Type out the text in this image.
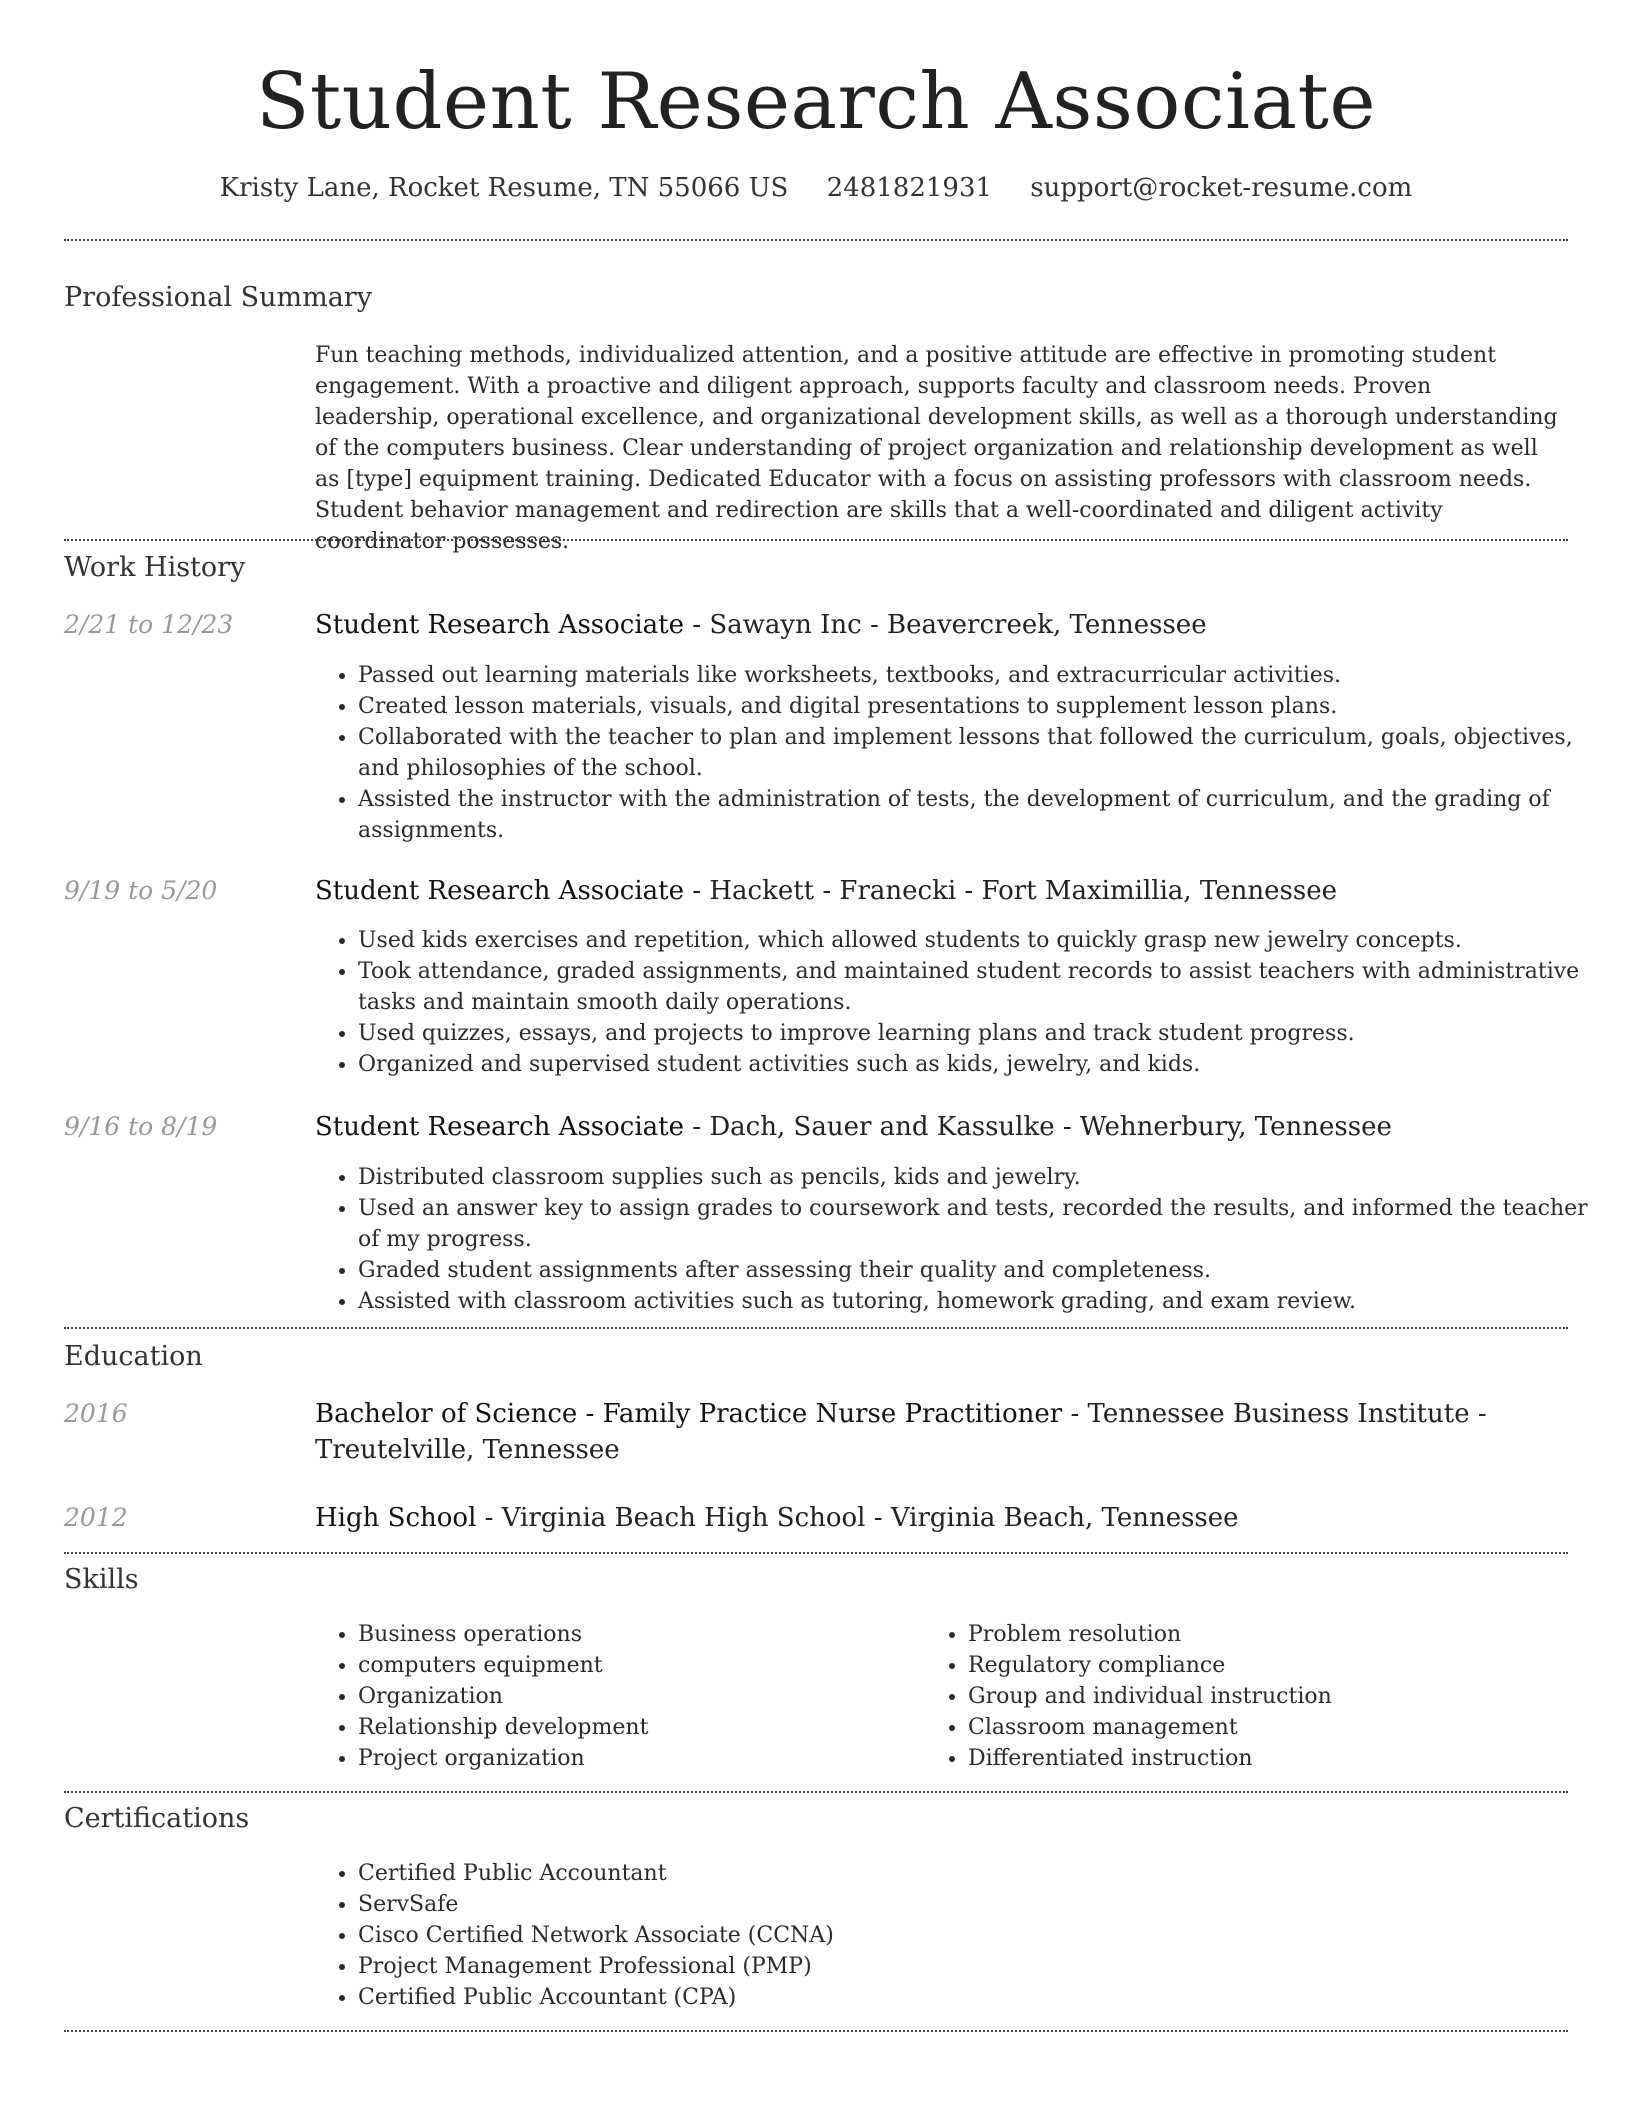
Student Research Associate
Kristy Lane, Rocket Resume, TN 55066 US 2481821931 support@rocket-resume.com
Professional Summary

Fun teaching methods, individualized attention, and a positive attitude are effective in promoting student engagement. With a proactive and diligent approach, supports faculty and classroom needs. Proven leadership, operational excellence, and organizational development skills, as well as a thorough understanding of the computers business. Clear understanding of project organization and relationship development as well as [type] equipment training. Dedicated Educator with a focus on assisting professors with classroom needs. Student behavior management and redirection are skills that a well-coordinated and diligent activity coordinator possesses.

Work History
2/21 to 12/23	Student Research Associate - Sawayn Inc - Beavercreek, Tennessee
• Passed out learning materials like worksheets, textbooks, and extracurricular activities.
• Created lesson materials, visuals, and digital presentations to supplement lesson plans.
• Collaborated with the teacher to plan and implement lessons that followed the curriculum, goals, objectives, and philosophies of the school.
• Assisted the instructor with the administration of tests, the development of curriculum, and the grading of assignments.
9/19 to 5/20	Student Research Associate - Hackett - Franecki - Fort Maximillia, Tennessee
• Used kids exercises and repetition, which allowed students to quickly grasp new jewelry concepts.
• Took attendance, graded assignments, and maintained student records to assist teachers with administrative tasks and maintain smooth daily operations.
• Used quizzes, essays, and projects to improve learning plans and track student progress.
• Organized and supervised student activities such as kids, jewelry, and kids.
9/16 to 8/19	Student Research Associate - Dach, Sauer and Kassulke - Wehnerbury, Tennessee
• Distributed classroom supplies such as pencils, kids and jewelry.
• Used an answer key to assign grades to coursework and tests, recorded the results, and informed the teacher of my progress.
• Graded student assignments after assessing their quality and completeness.
• Assisted with classroom activities such as tutoring, homework grading, and exam review.
Education
2016	Bachelor of Science - Family Practice Nurse Practitioner - Tennessee Business Institute - Treutelville, Tennessee
2012	High School - Virginia Beach High School - Virginia Beach, Tennessee
Skills
• Business operations
• computers equipment
• Organization
• Relationship development
• Project organization
• Problem resolution
• Regulatory compliance
• Group and individual instruction
• Classroom management
• Differentiated instruction
Certifications
• Certified Public Accountant
• ServSafe
• Cisco Certified Network Associate (CCNA)
• Project Management Professional (PMP)
• Certified Public Accountant (CPA)
